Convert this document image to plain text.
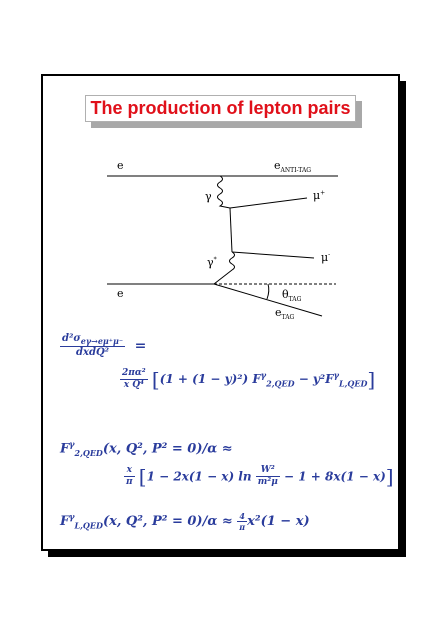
The production of lepton pairs
e	$e_{ANTI-TAG}$
γ	μ+
μ-
γ*
e	$\theta_{TAG}$
$e_{TAG}$
$\frac{d^2\sigma_{e\gamma\to e\mu^+\mu^-}}{\text{dxdQ²}}$ =
$\frac{\text{2πα²}}{\text{x Q⁴}} [(1 + (1 - y)^2) F^\gamma_{2,QED} - y^2F^\gamma_{L,QED}]$
$F^\gamma_{2,QED}(x$, Q², P² = 0)/α ≈
$\frac{x}{\pi} [1 - 2x(1 - x)$ $\ln \frac{\text{W²}}{\text{m²μ}} - 1 + 8x(1 - x)$]
$F^\gamma_{L,QED}(x$, Q², $P^2 = 0)/\alpha \approx \frac{4}{\pi} x^2(1 - x)$
